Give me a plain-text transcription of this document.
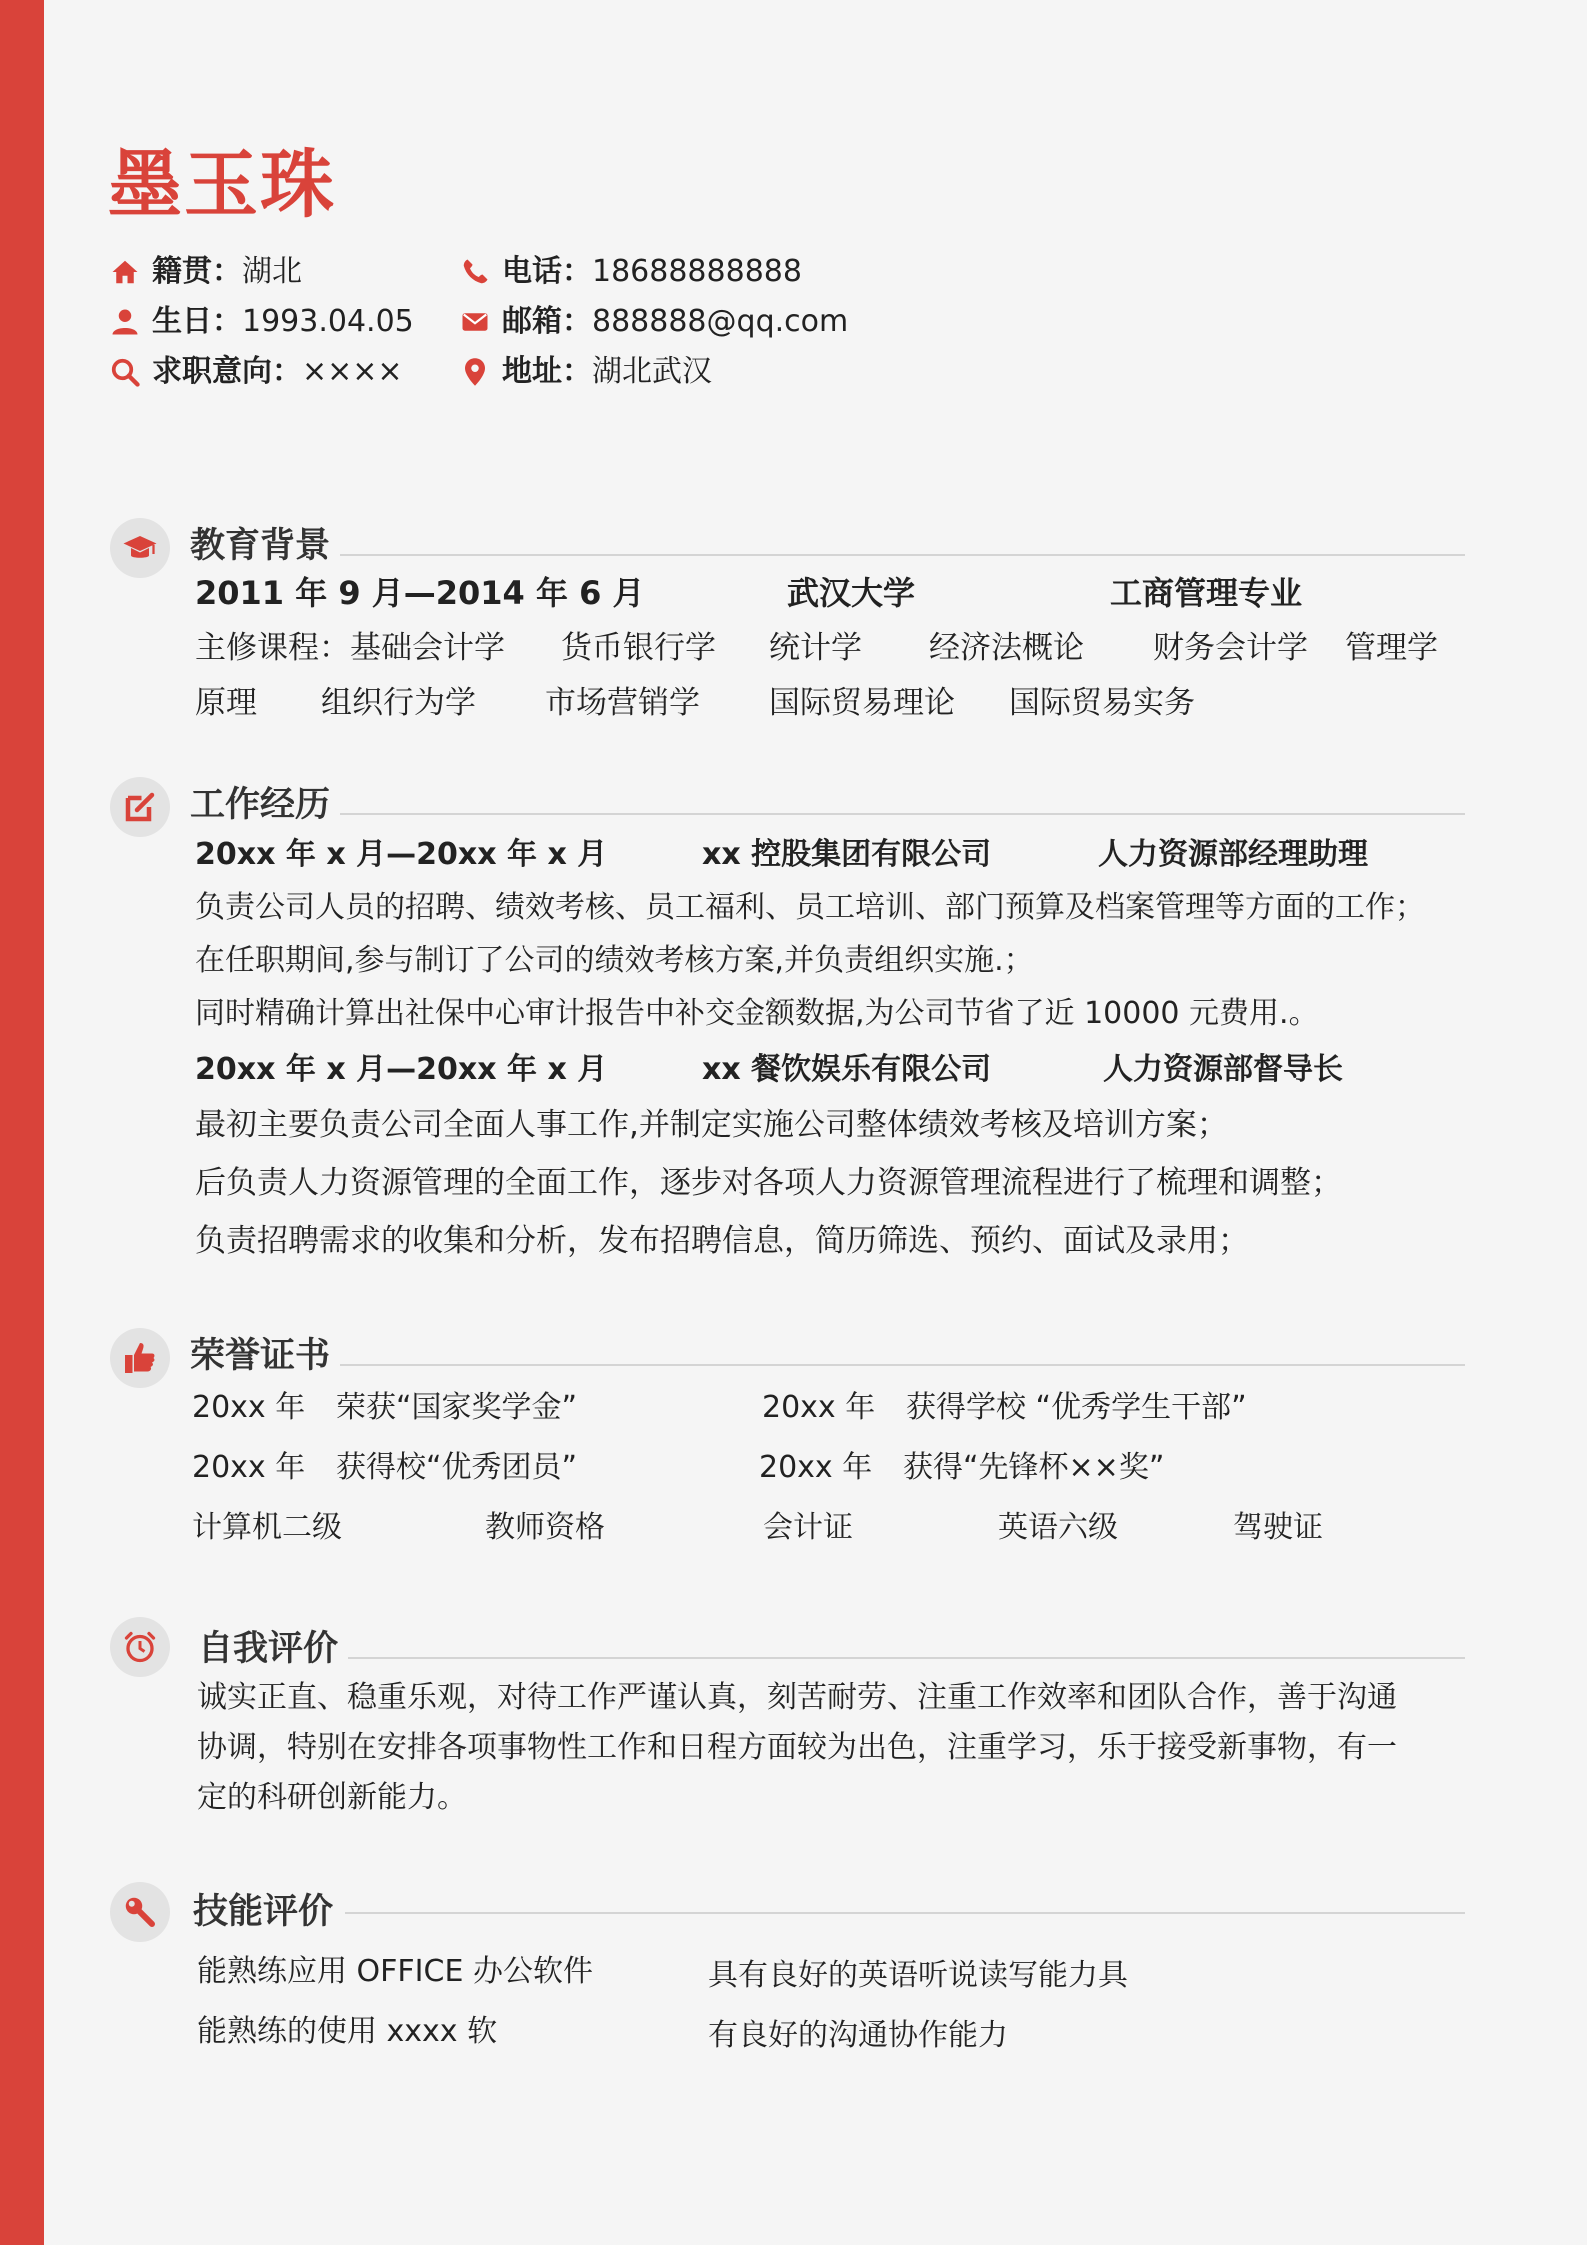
墨玉珠
籍贯： 湖北
生日： 1993.04.05
求职意向： ××××
电话： 18688888888
邮箱： 888888@qq.com
地址： 湖北武汉
教育背景
2011 年 9 月—2014 年 6 月	武汉大学	工商管理专业
主修课程：基础会计学 货币银行学 统计学 经济法概论 财务会计学 管理学
原理 组织行为学 市场营销学 国际贸易理论 国际贸易实务
工作经历
20xx 年 x 月—20xx 年 x 月	xx 控股集团有限公司	人力资源部经理助理
负责公司人员的招聘、绩效考核、员工福利、员工培训、部门预算及档案管理等方面的工作；
在任职期间,参与制订了公司的绩效考核方案,并负责组织实施.；
同时精确计算出社保中心审计报告中补交金额数据,为公司节省了近 10000 元费用.。
20xx 年 x 月—20xx 年 x 月	xx 餐饮娱乐有限公司	人力资源部督导长
最初主要负责公司全面人事工作,并制定实施公司整体绩效考核及培训方案；
后负责人力资源管理的全面工作，逐步对各项人力资源管理流程进行了梳理和调整；
负责招聘需求的收集和分析，发布招聘信息，简历筛选、预约、面试及录用；
荣誉证书
20xx 年 荣获“国家奖学金”	20xx 年 获得学校 “优秀学生干部”
20xx 年 获得校“优秀团员”	20xx 年 获得“先锋杯××奖”
计算机二级	教师资格	会计证	英语六级	驾驶证
自我评价
诚实正直、稳重乐观，对待工作严谨认真，刻苦耐劳、注重工作效率和团队合作，善于沟通
协调，特别在安排各项事物性工作和日程方面较为出色，注重学习，乐于接受新事物，有一
定的科研创新能力。
技能评价
能熟练应用 OFFICE 办公软件	具有良好的英语听说读写能力具
能熟练的使用 xxxx 软	有良好的沟通协作能力
